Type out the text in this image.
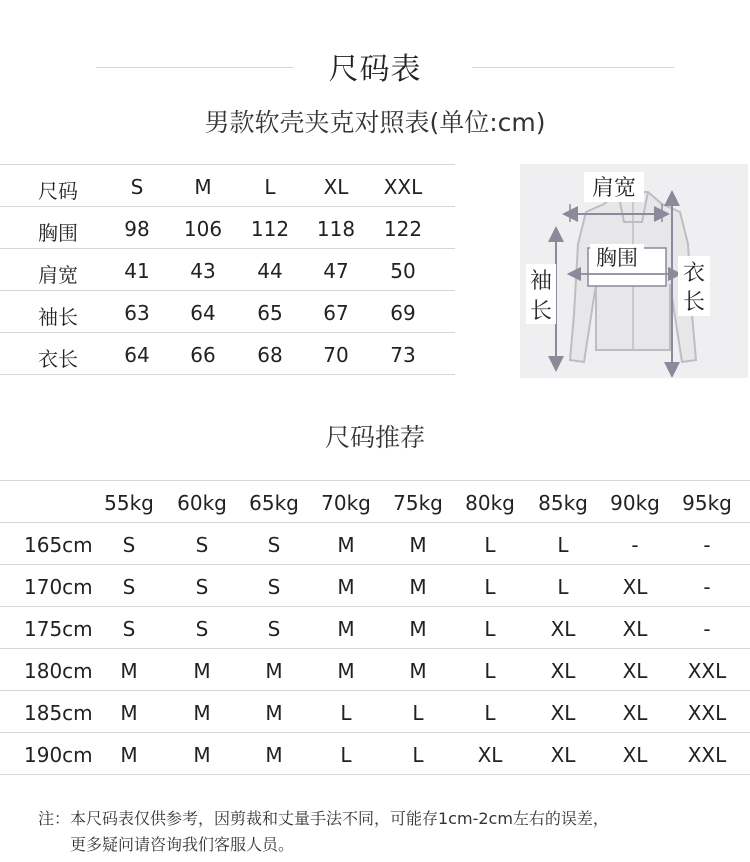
尺码表
男款软壳夹克对照表(单位:cm)
尺码	S	M	L XL XXL
胸围 98 106 112 118 122
肩宽 41 43 44 47 50
袖长 63 64 65 67 69
衣长 64 66 68 70 73
肩宽
胸围
袖
长
衣
长
尺码推荐
55kg 60kg 65kg 70kg 75kg 80kg 85kg 90kg 95kg
165cm S	S	S	M	M	L	L	-	-
170cm S	S	S	M	M	L	L	XL	-
175cm S	S	S	M	M	L	XL XL	-
180cm M	M	M	M	M	L	XL XL XXL
185cm M	M	M	L	L	L	XL XL XXL
190cm M	M	M	L	L	XL XL XL XXL
注：本尺码表仅供参考，因剪裁和丈量手法不同，可能存1cm-2cm左右的误差，
更多疑问请咨询我们客服人员。
